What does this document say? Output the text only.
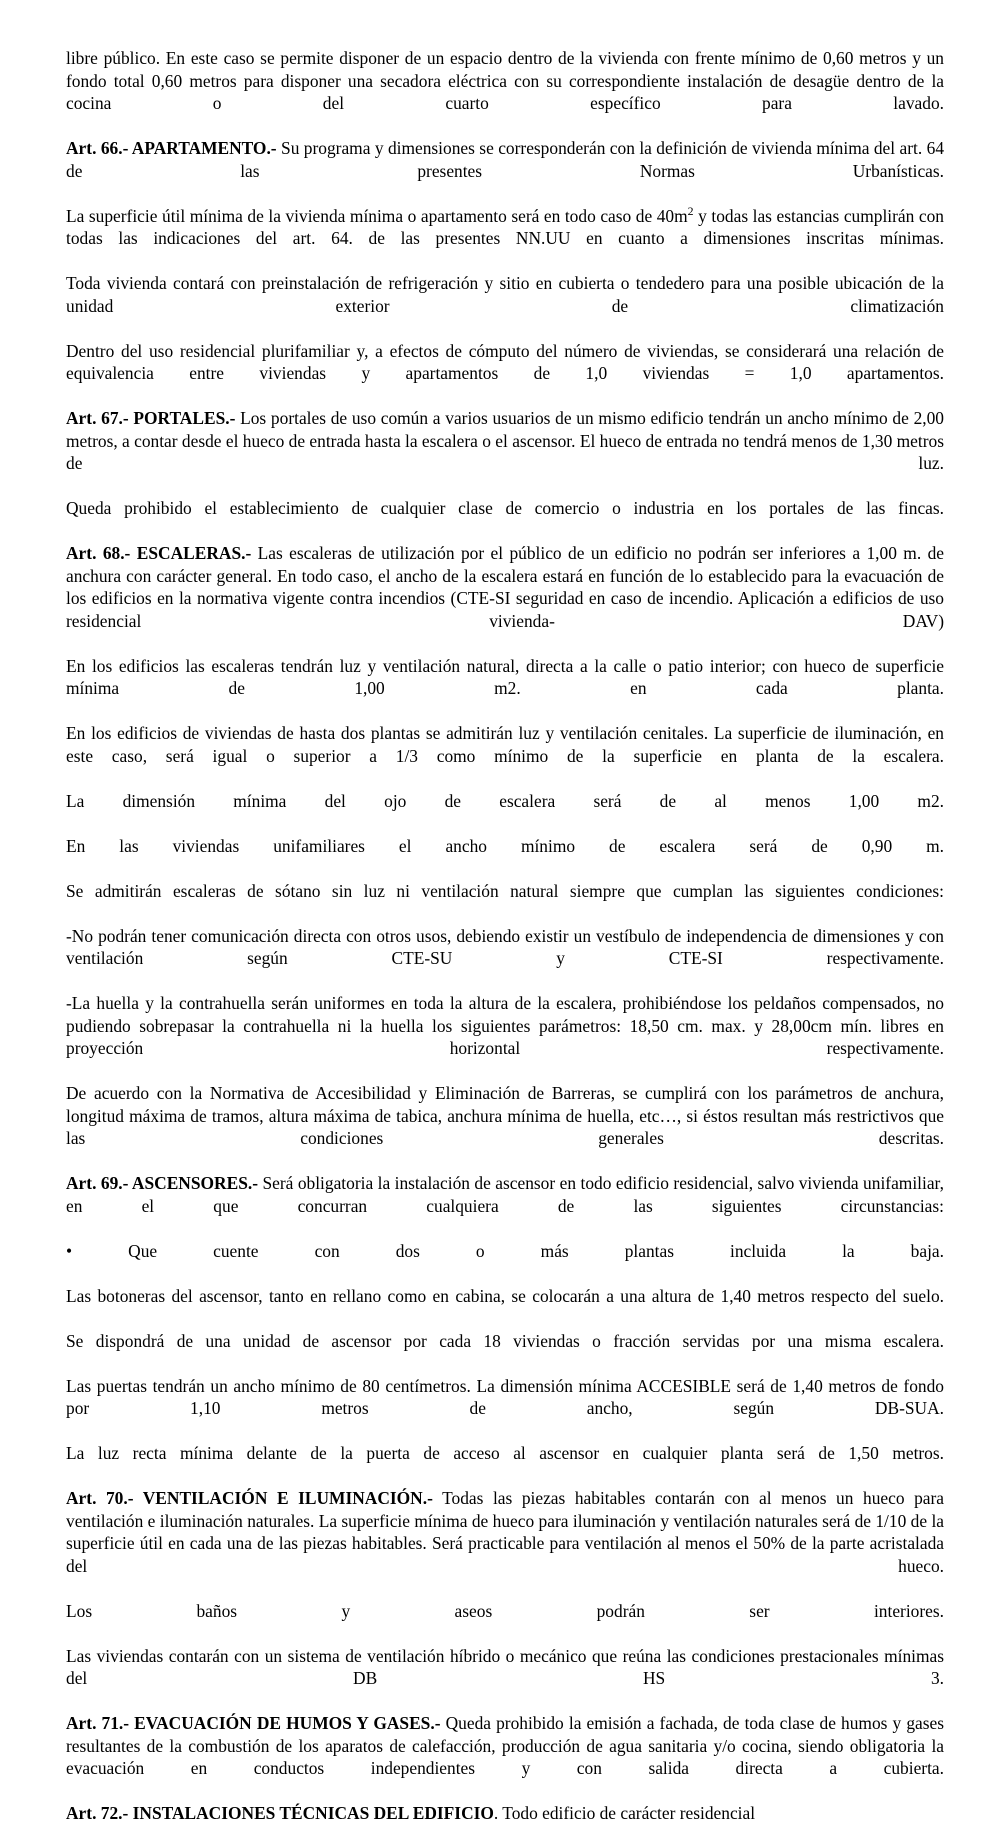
libre público. En este caso se permite disponer de un espacio dentro de la vivienda con frente mínimo de 0,60 metros y un fondo total 0,60 metros para disponer una secadora eléctrica con su correspondiente instalación de desagüe dentro de la cocina o del cuarto específico para lavado.

Art. 66.- APARTAMENTO.- Su programa y dimensiones se corresponderán con la definición de vivienda mínima del art. 64 de las presentes Normas Urbanísticas.

La superficie útil mínima de la vivienda mínima o apartamento será en todo caso de $40m^2$ y todas las estancias cumplirán con todas las indicaciones del art. 64. de las presentes NN.UU en cuanto a dimensiones inscritas mínimas.

Toda vivienda contará con preinstalación de refrigeración y sitio en cubierta o tendedero para una posible ubicación de la unidad exterior de climatización

Dentro del uso residencial plurifamiliar y, a efectos de cómputo del número de viviendas, se considerará una relación de equivalencia entre viviendas y apartamentos de 1,0 viviendas = 1,0 apartamentos.

Art. 67.- PORTALES.- Los portales de uso común a varios usuarios de un mismo edificio tendrán un ancho mínimo de 2,00 metros, a contar desde el hueco de entrada hasta la escalera o el ascensor. El hueco de entrada no tendrá menos de 1,30 metros de luz.

Queda prohibido el establecimiento de cualquier clase de comercio o industria en los portales de las fincas.

Art. 68.- ESCALERAS.- Las escaleras de utilización por el público de un edificio no podrán ser inferiores a 1,00 m. de anchura con carácter general. En todo caso, el ancho de la escalera estará en función de lo establecido para la evacuación de los edificios en la normativa vigente contra incendios (CTE-SI seguridad en caso de incendio. Aplicación a edificios de uso residencial vivienda- DAV)

En los edificios las escaleras tendrán luz y ventilación natural, directa a la calle o patio interior; con hueco de superficie mínima de 1,00 m2. en cada planta.

En los edificios de viviendas de hasta dos plantas se admitirán luz y ventilación cenitales. La superficie de iluminación, en este caso, será igual o superior a 1/3 como mínimo de la superficie en planta de la escalera.

La dimensión mínima del ojo de escalera será de al menos 1,00 m2.

En las viviendas unifamiliares el ancho mínimo de escalera será de 0,90 m.

Se admitirán escaleras de sótano sin luz ni ventilación natural siempre que cumplan las siguientes condiciones:

-No podrán tener comunicación directa con otros usos, debiendo existir un vestíbulo de independencia de dimensiones y con ventilación según CTE-SU y CTE-SI respectivamente.

-La huella y la contrahuella serán uniformes en toda la altura de la escalera, prohibiéndose los peldaños compensados, no pudiendo sobrepasar la contrahuella ni la huella los siguientes parámetros: 18,50 cm. max. y 28,00cm mín. libres en proyección horizontal respectivamente.

De acuerdo con la Normativa de Accesibilidad y Eliminación de Barreras, se cumplirá con los parámetros de anchura, longitud máxima de tramos, altura máxima de tabica, anchura mínima de huella, etc…, si éstos resultan más restrictivos que las condiciones generales descritas.

Art. 69.- ASCENSORES.- Será obligatoria la instalación de ascensor en todo edificio residencial, salvo vivienda unifamiliar, en el que concurran cualquiera de las siguientes circunstancias:

• Que cuente con dos o más plantas incluida la baja.

Las botoneras del ascensor, tanto en rellano como en cabina, se colocarán a una altura de 1,40 metros respecto del suelo.

Se dispondrá de una unidad de ascensor por cada 18 viviendas o fracción servidas por una misma escalera.

Las puertas tendrán un ancho mínimo de 80 centímetros. La dimensión mínima ACCESIBLE será de 1,40 metros de fondo por 1,10 metros de ancho, según DB-SUA.

La luz recta mínima delante de la puerta de acceso al ascensor en cualquier planta será de 1,50 metros.

Art. 70.- VENTILACIÓN E ILUMINACIÓN.- Todas las piezas habitables contarán con al menos un hueco para ventilación e iluminación naturales. La superficie mínima de hueco para iluminación y ventilación naturales será de 1/10 de la superficie útil en cada una de las piezas habitables. Será practicable para ventilación al menos el 50% de la parte acristalada del hueco.

Los baños y aseos podrán ser interiores.

Las viviendas contarán con un sistema de ventilación híbrido o mecánico que reúna las condiciones prestacionales mínimas del DB HS 3.

Art. 71.- EVACUACIÓN DE HUMOS Y GASES.- Queda prohibido la emisión a fachada, de toda clase de humos y gases resultantes de la combustión de los aparatos de calefacción, producción de agua sanitaria y/o cocina, siendo obligatoria la evacuación en conductos independientes y con salida directa a cubierta.

Art. 72.- INSTALACIONES TÉCNICAS DEL EDIFICIO. Todo edificio de carácter residencial
